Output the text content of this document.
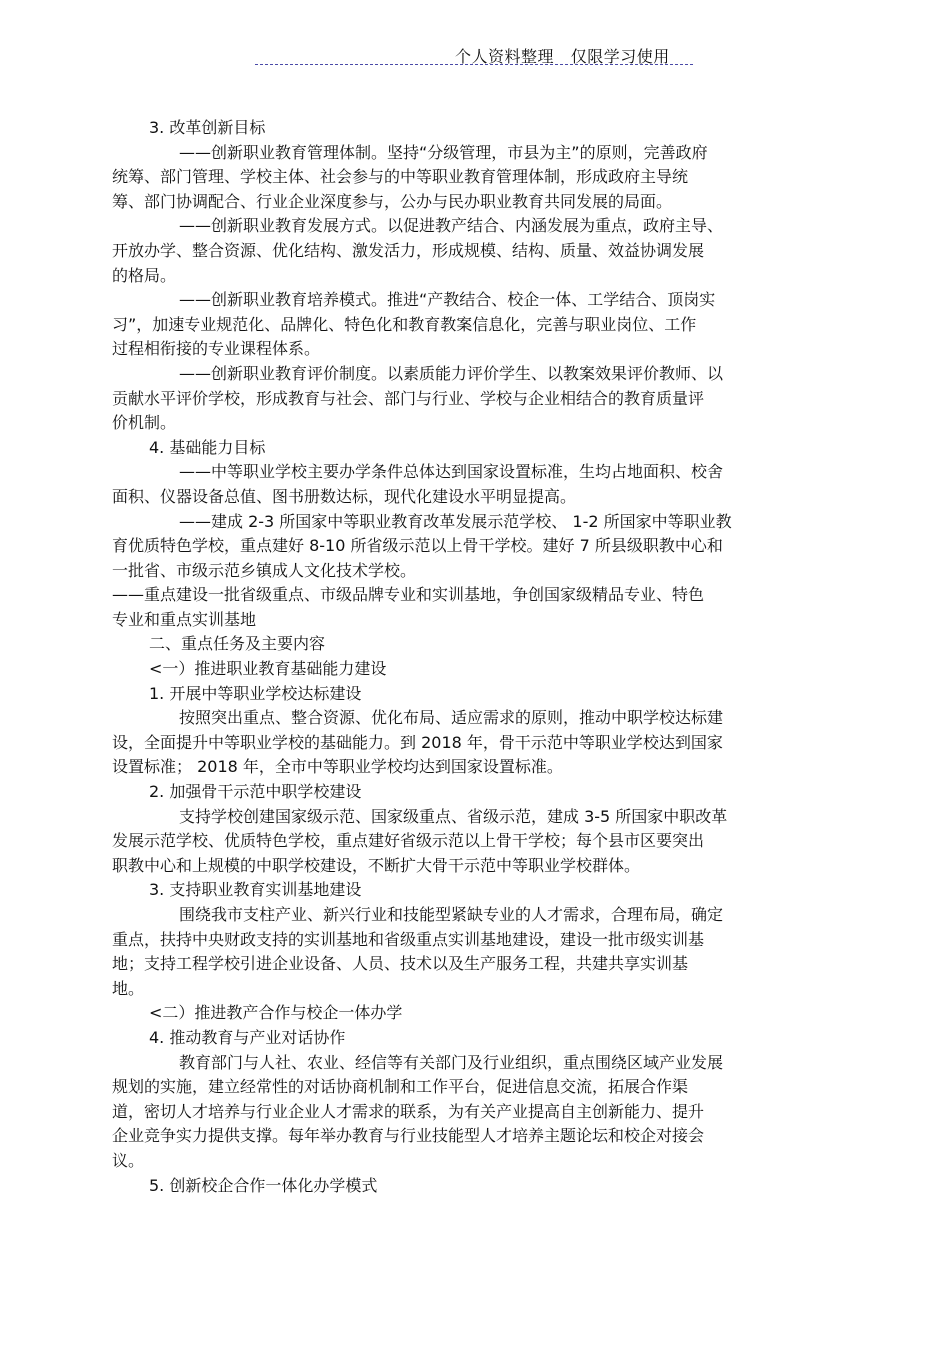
个人资料整理   仅限学习使用
3. 改革创新目标
——创新职业教育管理体制。坚持“分级管理，市县为主”的原则，完善政府
统筹、部门管理、学校主体、社会参与的中等职业教育管理体制，形成政府主导统
筹、部门协调配合、行业企业深度参与，公办与民办职业教育共同发展的局面。
——创新职业教育发展方式。以促进教产结合、内涵发展为重点，政府主导、
开放办学、整合资源、优化结构、激发活力，形成规模、结构、质量、效益协调发展
的格局。
——创新职业教育培养模式。推进“产教结合、校企一体、工学结合、顶岗实
习”，加速专业规范化、品牌化、特色化和教育教案信息化，完善与职业岗位、工作
过程相衔接的专业课程体系。
——创新职业教育评价制度。以素质能力评价学生、以教案效果评价教师、以
贡献水平评价学校，形成教育与社会、部门与行业、学校与企业相结合的教育质量评
价机制。
4. 基础能力目标
——中等职业学校主要办学条件总体达到国家设置标准，生均占地面积、校舍
面积、仪器设备总值、图书册数达标，现代化建设水平明显提高。
——建成 2-3 所国家中等职业教育改革发展示范学校、 1-2 所国家中等职业教
育优质特色学校，重点建好 8-10 所省级示范以上骨干学校。建好 7 所县级职教中心和
一批省、市级示范乡镇成人文化技术学校。
——重点建设一批省级重点、市级品牌专业和实训基地，争创国家级精品专业、特色
专业和重点实训基地
二、重点任务及主要内容
<一）推进职业教育基础能力建设
1. 开展中等职业学校达标建设
按照突出重点、整合资源、优化布局、适应需求的原则，推动中职学校达标建
设，全面提升中等职业学校的基础能力。到 2018 年，骨干示范中等职业学校达到国家
设置标准； 2018 年，全市中等职业学校均达到国家设置标准。
2. 加强骨干示范中职学校建设
支持学校创建国家级示范、国家级重点、省级示范，建成 3-5 所国家中职改革
发展示范学校、优质特色学校，重点建好省级示范以上骨干学校；每个县市区要突出
职教中心和上规模的中职学校建设，不断扩大骨干示范中等职业学校群体。
3. 支持职业教育实训基地建设
围绕我市支柱产业、新兴行业和技能型紧缺专业的人才需求，合理布局，确定
重点，扶持中央财政支持的实训基地和省级重点实训基地建设，建设一批市级实训基
地；支持工程学校引进企业设备、人员、技术以及生产服务工程，共建共享实训基
地。
<二）推进教产合作与校企一体办学
4. 推动教育与产业对话协作
教育部门与人社、农业、经信等有关部门及行业组织，重点围绕区域产业发展
规划的实施，建立经常性的对话协商机制和工作平台，促进信息交流，拓展合作渠
道，密切人才培养与行业企业人才需求的联系，为有关产业提高自主创新能力、提升
企业竞争实力提供支撑。每年举办教育与行业技能型人才培养主题论坛和校企对接会
议。
5. 创新校企合作一体化办学模式
